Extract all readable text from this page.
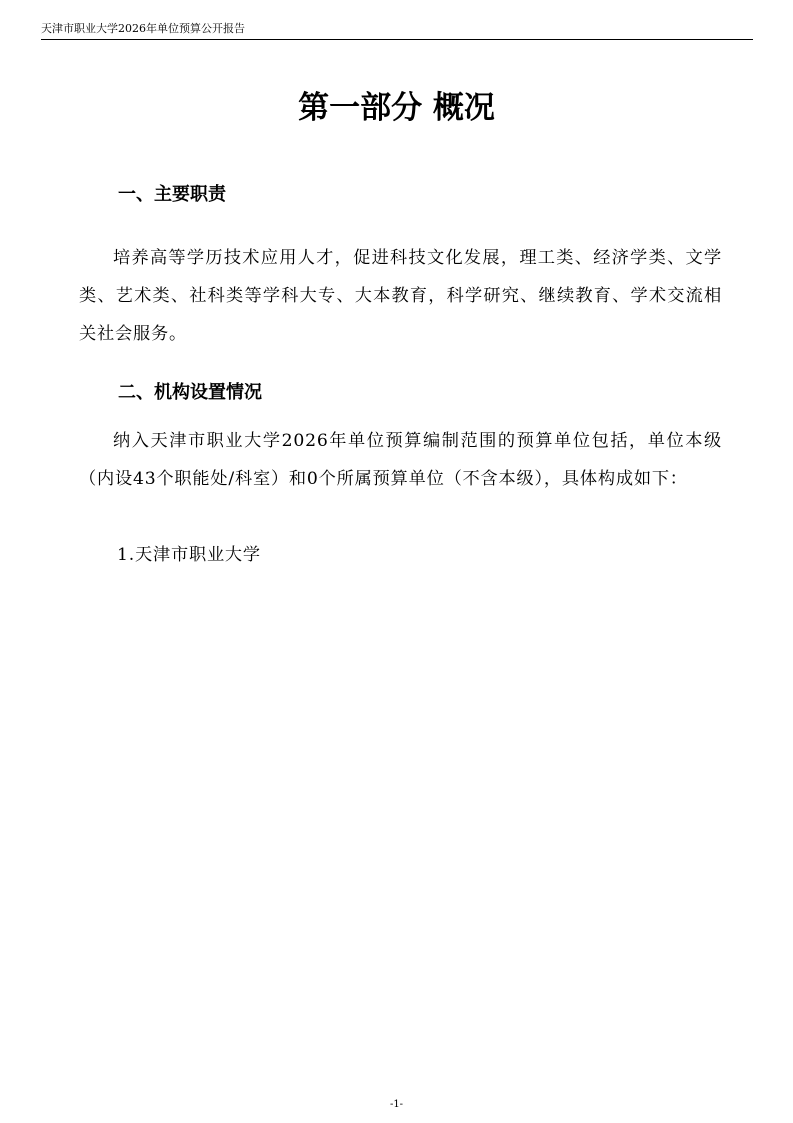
天津市职业大学2026年单位预算公开报告
第一部分 概况
一、主要职责

培养高等学历技术应用人才，促进科技文化发展，理工类、经济学类、文学类、艺术类、社科类等学科大专、大本教育，科学研究、继续教育、学术交流相关社会服务。

二、机构设置情况

纳入天津市职业大学2026年单位预算编制范围的预算单位包括，单位本级（内设43个职能处/科室）和0个所属预算单位（不含本级），具体构成如下：

1.天津市职业大学
-1-
